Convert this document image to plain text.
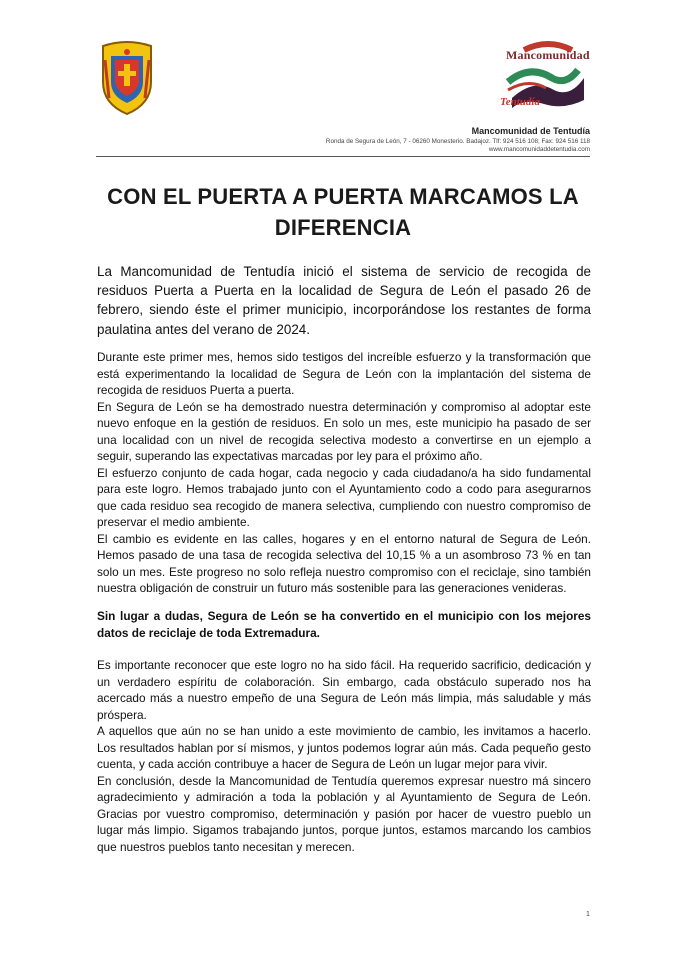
Mancomunidad
Tentudía
Mancomunidad de Tentudía
Ronda de Segura de León, 7 - 06260 Monesterio. Badajoz. Tlf: 924 516 108; Fax: 924 516 118
www.mancomunidaddetentudia.com
CON EL PUERTA A PUERTA MARCAMOS LA DIFERENCIA

La Mancomunidad de Tentudía inició el sistema de servicio de recogida de residuos Puerta a Puerta en la localidad de Segura de León el pasado 26 de febrero, siendo éste el primer municipio, incorporándose los restantes de forma paulatina antes del verano de 2024.

Durante este primer mes, hemos sido testigos del increíble esfuerzo y la transformación que está experimentando la localidad de Segura de León con la implantación del sistema de recogida de residuos Puerta a puerta.

En Segura de León se ha demostrado nuestra determinación y compromiso al adoptar este nuevo enfoque en la gestión de residuos. En solo un mes, este municipio ha pasado de ser una localidad con un nivel de recogida selectiva modesto a convertirse en un ejemplo a seguir, superando las expectativas marcadas por ley para el próximo año.

El esfuerzo conjunto de cada hogar, cada negocio y cada ciudadano/a ha sido fundamental para este logro. Hemos trabajado junto con el Ayuntamiento codo a codo para asegurarnos que cada residuo sea recogido de manera selectiva, cumpliendo con nuestro compromiso de preservar el medio ambiente.

El cambio es evidente en las calles, hogares y en el entorno natural de Segura de León. Hemos pasado de una tasa de recogida selectiva del 10,15 % a un asombroso 73 % en tan solo un mes. Este progreso no solo refleja nuestro compromiso con el reciclaje, sino también nuestra obligación de construir un futuro más sostenible para las generaciones venideras.

Sin lugar a dudas, Segura de León se ha convertido en el municipio con los mejores datos de reciclaje de toda Extremadura.

Es importante reconocer que este logro no ha sido fácil. Ha requerido sacrificio, dedicación y un verdadero espíritu de colaboración. Sin embargo, cada obstáculo superado nos ha acercado más a nuestro empeño de una Segura de León más limpia, más saludable y más próspera.

A aquellos que aún no se han unido a este movimiento de cambio, les invitamos a hacerlo. Los resultados hablan por sí mismos, y juntos podemos lograr aún más. Cada pequeño gesto cuenta, y cada acción contribuye a hacer de Segura de León un lugar mejor para vivir.

En conclusión, desde la Mancomunidad de Tentudía queremos expresar nuestro má sincero agradecimiento y admiración a toda la población y al Ayuntamiento de Segura de León. Gracias por vuestro compromiso, determinación y pasión por hacer de vuestro pueblo un lugar más limpio. Sigamos trabajando juntos, porque juntos, estamos marcando los cambios que nuestros pueblos tanto necesitan y merecen.

1
